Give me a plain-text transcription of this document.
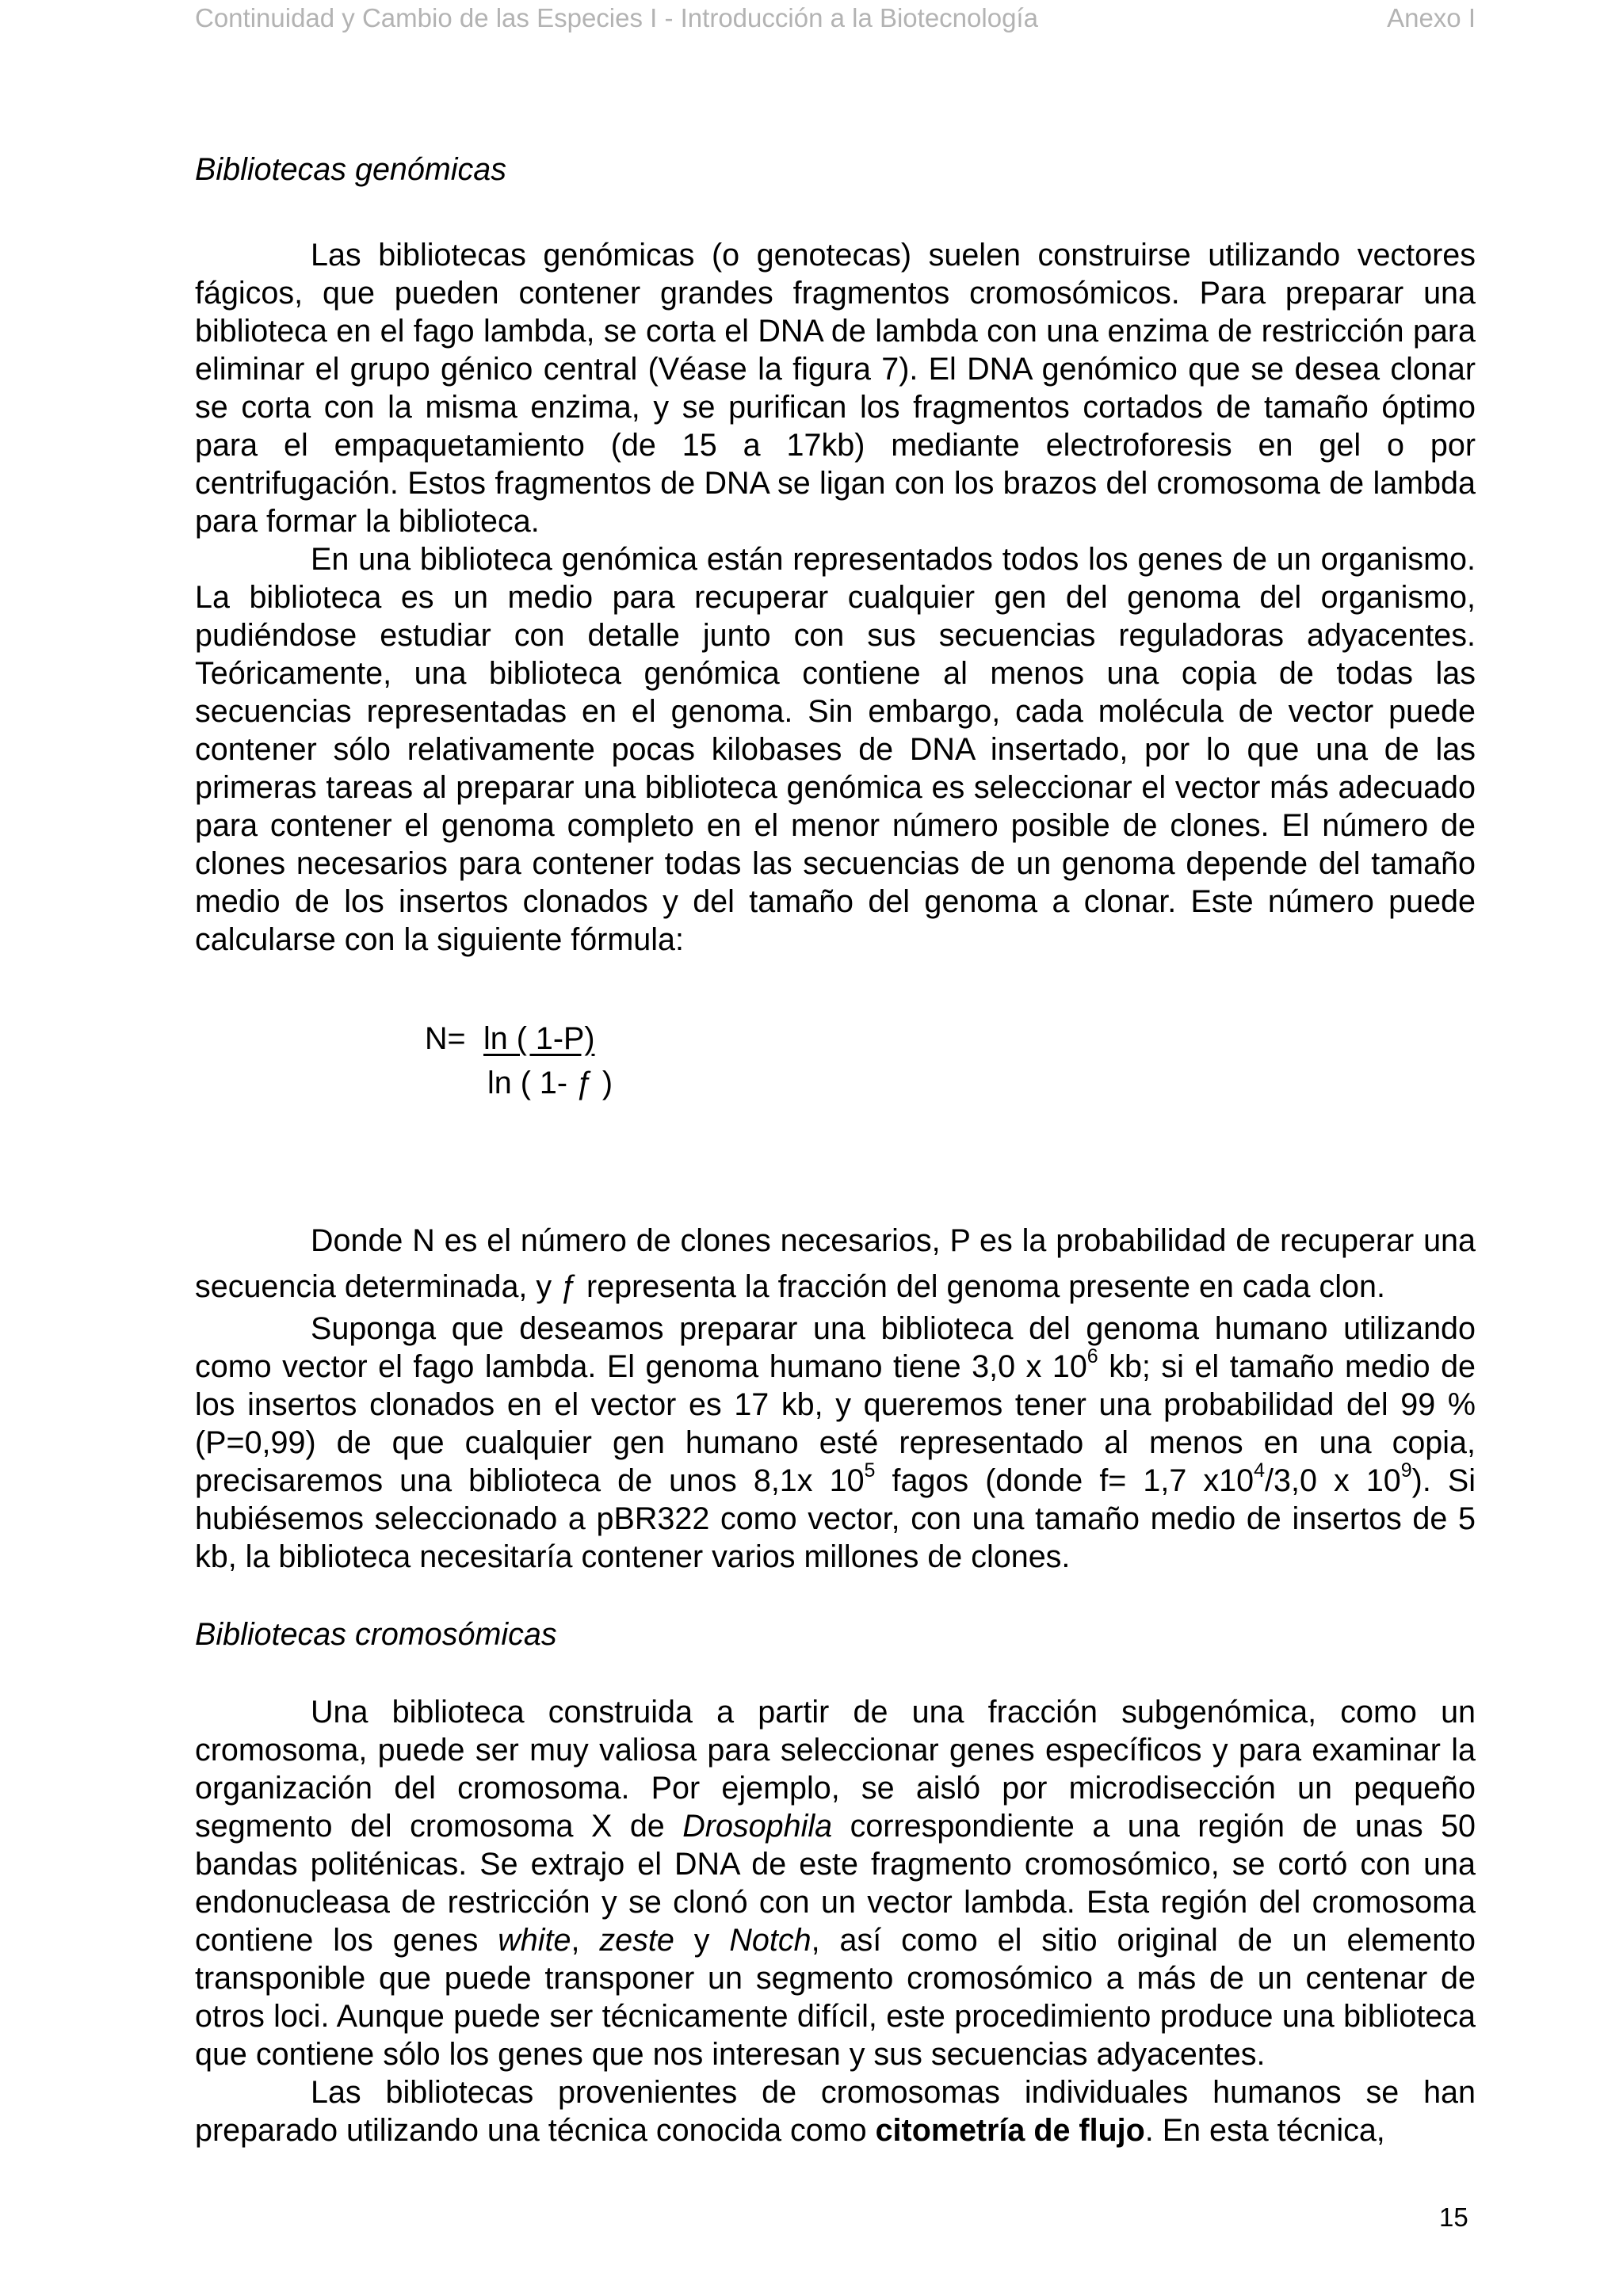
Continuidad y Cambio de las Especies I - Introducción a la Biotecnología	Anexo I

Bibliotecas genómicas

Las bibliotecas genómicas (o genotecas) suelen construirse utilizando vectores fágicos, que pueden contener grandes fragmentos cromosómicos. Para preparar una biblioteca en el fago lambda, se corta el DNA de lambda con una enzima de restricción para eliminar el grupo génico central (Véase la figura 7). El DNA genómico que se desea clonar se corta con la misma enzima, y se purifican los fragmentos cortados de tamaño óptimo para el empaquetamiento (de 15 a 17kb) mediante electroforesis en gel o por centrifugación. Estos fragmentos de DNA se ligan con los brazos del cromosoma de lambda para formar la biblioteca.

En una biblioteca genómica están representados todos los genes de un organismo. La biblioteca es un medio para recuperar cualquier gen del genoma del organismo, pudiéndose estudiar con detalle junto con sus secuencias reguladoras adyacentes. Teóricamente, una biblioteca genómica contiene al menos una copia de todas las secuencias representadas en el genoma. Sin embargo, cada molécula de vector puede contener sólo relativamente pocas kilobases de DNA insertado, por lo que una de las primeras tareas al preparar una biblioteca genómica es seleccionar el vector más adecuado para contener el genoma completo en el menor número posible de clones. El número de clones necesarios para contener todas las secuencias de un genoma depende del tamaño medio de los insertos clonados y del tamaño del genoma a clonar. Este número puede calcularse con la siguiente fórmula:

N= ln ( 1-P)
ln ( 1- ƒ )

Donde N es el número de clones necesarios, P es la probabilidad de recuperar una secuencia determinada, y ƒ representa la fracción del genoma presente en cada clon.

Suponga que deseamos preparar una biblioteca del genoma humano utilizando como vector el fago lambda. El genoma humano tiene 3,0 x $10^6$ kb; si el tamaño medio de los insertos clonados en el vector es 17 kb, y queremos tener una probabilidad del 99 % (P=0,99) de que cualquier gen humano esté representado al menos en una copia, precisaremos una biblioteca de unos 8,1x $10^5$ fagos (donde f= 1,7 $x10^4/3,0$ x $10^9$). Si hubiésemos seleccionado a pBR322 como vector, con una tamaño medio de insertos de 5 kb, la biblioteca necesitaría contener varios millones de clones.

Bibliotecas cromosómicas

Una biblioteca construida a partir de una fracción subgenómica, como un cromosoma, puede ser muy valiosa para seleccionar genes específicos y para examinar la organización del cromosoma. Por ejemplo, se aisló por microdisección un pequeño segmento del cromosoma X de Drosophila correspondiente a una región de unas 50 bandas politénicas. Se extrajo el DNA de este fragmento cromosómico, se cortó con una endonucleasa de restricción y se clonó con un vector lambda. Esta región del cromosoma contiene los genes white, zeste y Notch, así como el sitio original de un elemento transponible que puede transponer un segmento cromosómico a más de un centenar de otros loci. Aunque puede ser técnicamente difícil, este procedimiento produce una biblioteca que contiene sólo los genes que nos interesan y sus secuencias adyacentes.

Las bibliotecas provenientes de cromosomas individuales humanos se han preparado utilizando una técnica conocida como citometría de flujo. En esta técnica,

15
